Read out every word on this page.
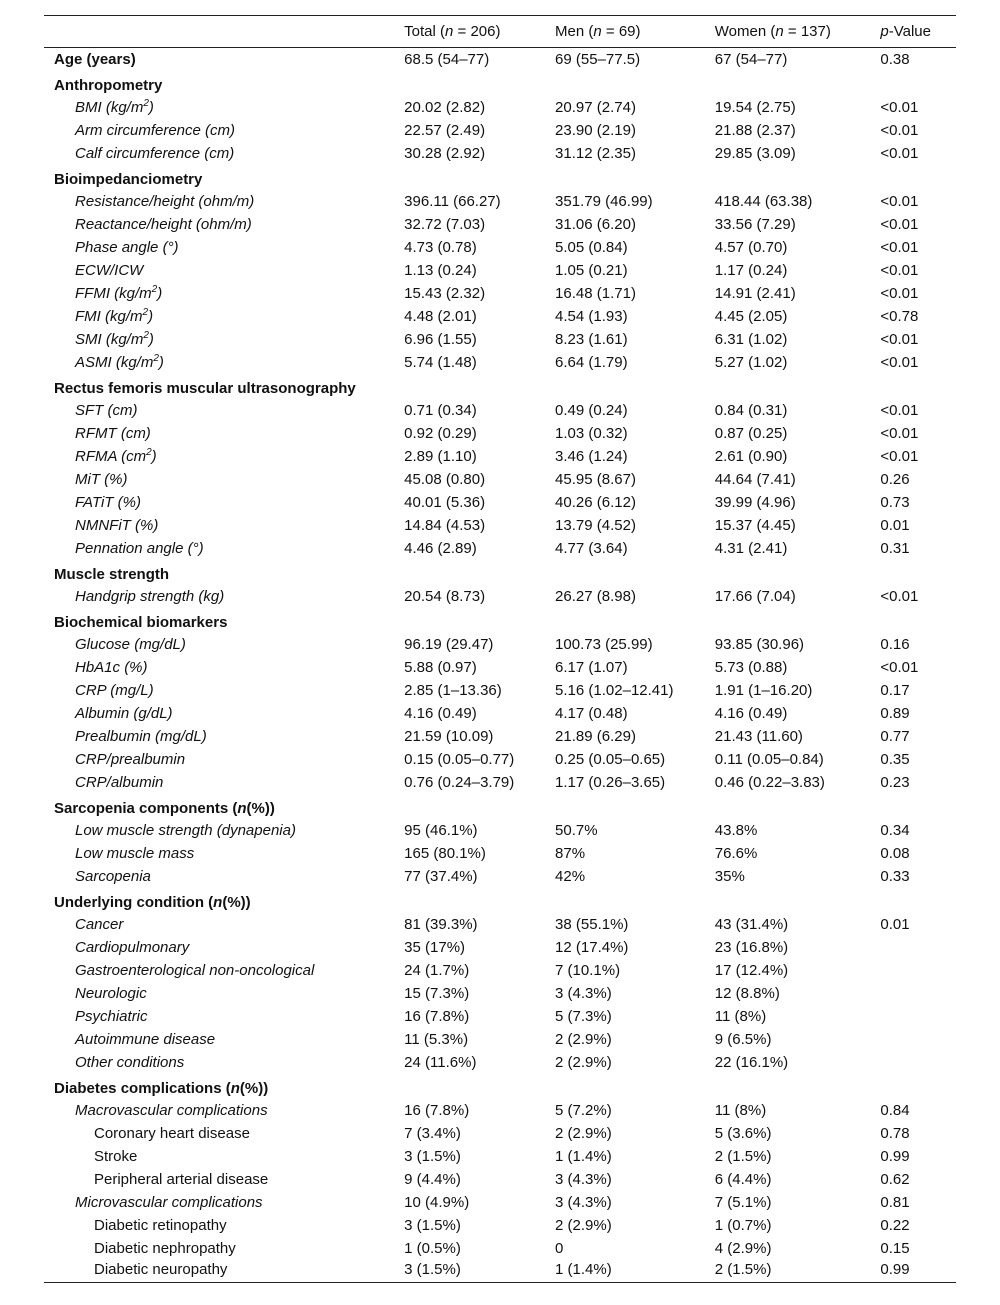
	Total (n = 206)	Men (n = 69)	Women (n = 137)	p-Value
Age (years)	68.5 (54–77)	69 (55–77.5)	67 (54–77)	0.38
Anthropometry				
BMI $(kg/m^2)$	20.02 (2.82)	20.97 (2.74)	19.54 (2.75)	<0.01
Arm circumference (cm)	22.57 (2.49)	23.90 (2.19)	21.88 (2.37)	<0.01
Calf circumference (cm)	30.28 (2.92)	31.12 (2.35)	29.85 (3.09)	<0.01
Bioimpedanciometry				
Resistance/height (ohm/m)	396.11 (66.27)	351.79 (46.99)	418.44 (63.38)	<0.01
Reactance/height (ohm/m)	32.72 (7.03)	31.06 (6.20)	33.56 (7.29)	<0.01
Phase angle (°)	4.73 (0.78)	5.05 (0.84)	4.57 (0.70)	<0.01
ECW/ICW	1.13 (0.24)	1.05 (0.21)	1.17 (0.24)	<0.01
FFMI $(kg/m^2)$	15.43 (2.32)	16.48 (1.71)	14.91 (2.41)	<0.01
FMI $(kg/m^2)$	4.48 (2.01)	4.54 (1.93)	4.45 (2.05)	<0.78
SMI $(kg/m^2)$	6.96 (1.55)	8.23 (1.61)	6.31 (1.02)	<0.01
ASMI $(kg/m^2)$	5.74 (1.48)	6.64 (1.79)	5.27 (1.02)	<0.01
Rectus femoris muscular ultrasonography				
SFT (cm)	0.71 (0.34)	0.49 (0.24)	0.84 (0.31)	<0.01
RFMT (cm)	0.92 (0.29)	1.03 (0.32)	0.87 (0.25)	<0.01
RFMA $(cm^2)$	2.89 (1.10)	3.46 (1.24)	2.61 (0.90)	<0.01
MiT (%)	45.08 (0.80)	45.95 (8.67)	44.64 (7.41)	0.26
FATiT (%)	40.01 (5.36)	40.26 (6.12)	39.99 (4.96)	0.73
NMNFiT (%)	14.84 (4.53)	13.79 (4.52)	15.37 (4.45)	0.01
Pennation angle (°)	4.46 (2.89)	4.77 (3.64)	4.31 (2.41)	0.31
Muscle strength				
Handgrip strength (kg)	20.54 (8.73)	26.27 (8.98)	17.66 (7.04)	<0.01
Biochemical biomarkers				
Glucose (mg/dL)	96.19 (29.47)	100.73 (25.99)	93.85 (30.96)	0.16
HbA1c (%)	5.88 (0.97)	6.17 (1.07)	5.73 (0.88)	<0.01
CRP (mg/L)	2.85 (1–13.36)	5.16 (1.02–12.41)	1.91 (1–16.20)	0.17
Albumin (g/dL)	4.16 (0.49)	4.17 (0.48)	4.16 (0.49)	0.89
Prealbumin (mg/dL)	21.59 (10.09)	21.89 (6.29)	21.43 (11.60)	0.77
CRP/prealbumin	0.15 (0.05–0.77)	0.25 (0.05–0.65)	0.11 (0.05–0.84)	0.35
CRP/albumin	0.76 (0.24–3.79)	1.17 (0.26–3.65)	0.46 (0.22–3.83)	0.23
Sarcopenia components (n(%))				
Low muscle strength (dynapenia)	95 (46.1%)	50.7%	43.8%	0.34
Low muscle mass	165 (80.1%)	87%	76.6%	0.08
Sarcopenia	77 (37.4%)	42%	35%	0.33
Underlying condition (n(%))				
Cancer	81 (39.3%)	38 (55.1%)	43 (31.4%)	0.01
Cardiopulmonary	35 (17%)	12 (17.4%)	23 (16.8%)	
Gastroenterological non-oncological	24 (1.7%)	7 (10.1%)	17 (12.4%)	
Neurologic	15 (7.3%)	3 (4.3%)	12 (8.8%)	
Psychiatric	16 (7.8%)	5 (7.3%)	11 (8%)	
Autoimmune disease	11 (5.3%)	2 (2.9%)	9 (6.5%)	
Other conditions	24 (11.6%)	2 (2.9%)	22 (16.1%)	
Diabetes complications (n(%))				
Macrovascular complications	16 (7.8%)	5 (7.2%)	11 (8%)	0.84
Coronary heart disease	7 (3.4%)	2 (2.9%)	5 (3.6%)	0.78
Stroke	3 (1.5%)	1 (1.4%)	2 (1.5%)	0.99
Peripheral arterial disease	9 (4.4%)	3 (4.3%)	6 (4.4%)	0.62
Microvascular complications	10 (4.9%)	3 (4.3%)	7 (5.1%)	0.81
Diabetic retinopathy	3 (1.5%)	2 (2.9%)	1 (0.7%)	0.22
Diabetic nephropathy	1 (0.5%)	0	4 (2.9%)	0.15
Diabetic neuropathy	3 (1.5%)	1 (1.4%)	2 (1.5%)	0.99
